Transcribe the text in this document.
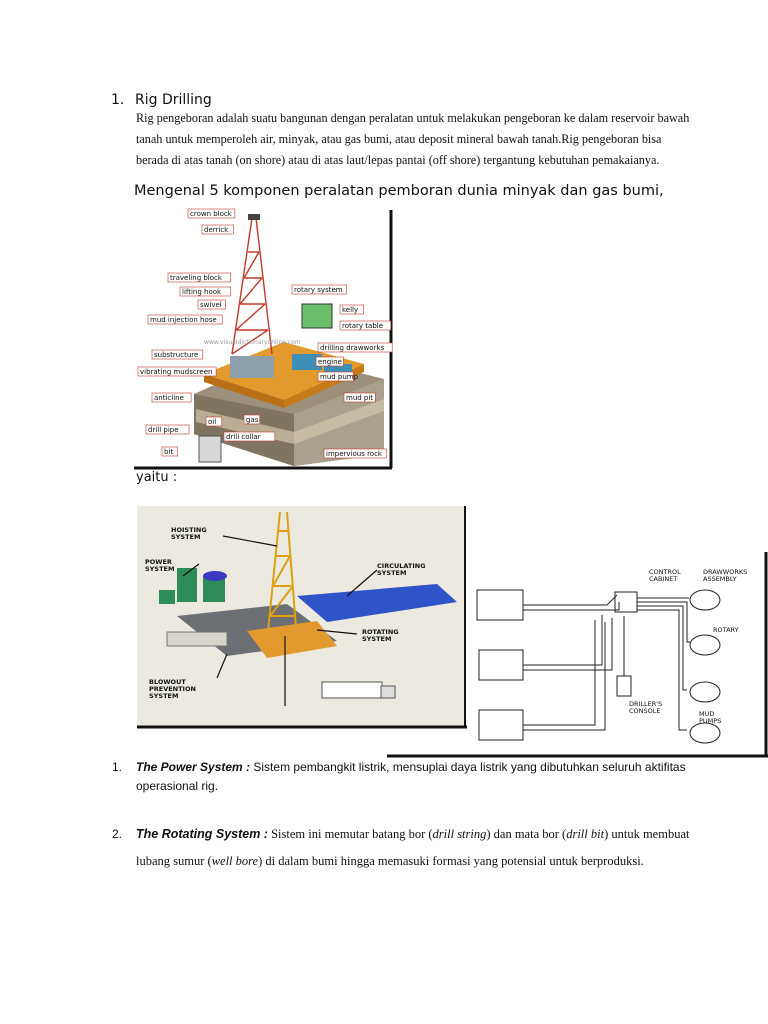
1. Rig Drilling
Rig pengeboran adalah suatu bangunan dengan peralatan untuk melakukan pengeboran ke dalam reservoir bawah tanah untuk memperoleh air, minyak, atau gas bumi, atau deposit mineral bawah tanah.Rig pengeboran bisa berada di atas tanah (on shore) atau di atas laut/lepas pantai (off shore) tergantung kebutuhan pemakaianya.
Mengenal 5 komponen peralatan pemboran dunia minyak dan gas bumi,
www.visualdictionaryonline.com
crown block
derrick
traveling block
lifting hook
swivel
mud injection hose
substructure
vibrating mudscreen
anticline
oil	gas
drill pipe
drill collar
bit
rotary system
kelly
rotary table
drilling drawworks
engine
mud pump
mud pit
impervious rock
yaitu :
HOISTING
SYSTEM
POWER
SYSTEM	CIRCULATING
SYSTEM
ROTATING
SYSTEM
BLOWOUT
PREVENTION
SYSTEM
CONTROL
CABINET
DRAWWORKS
ASSEMBLY
ROTARY
DRILLER'S
CONSOLE	MUD
PUMPS
1. The Power System : Sistem pembangkit listrik, mensuplai daya listrik yang dibutuhkan seluruh aktifitas operasional rig.
2. The Rotating System : Sistem ini memutar batang bor (drill string) dan mata bor (drill bit) untuk membuat lubang sumur (well bore) di dalam bumi hingga memasuki formasi yang potensial untuk berproduksi.
